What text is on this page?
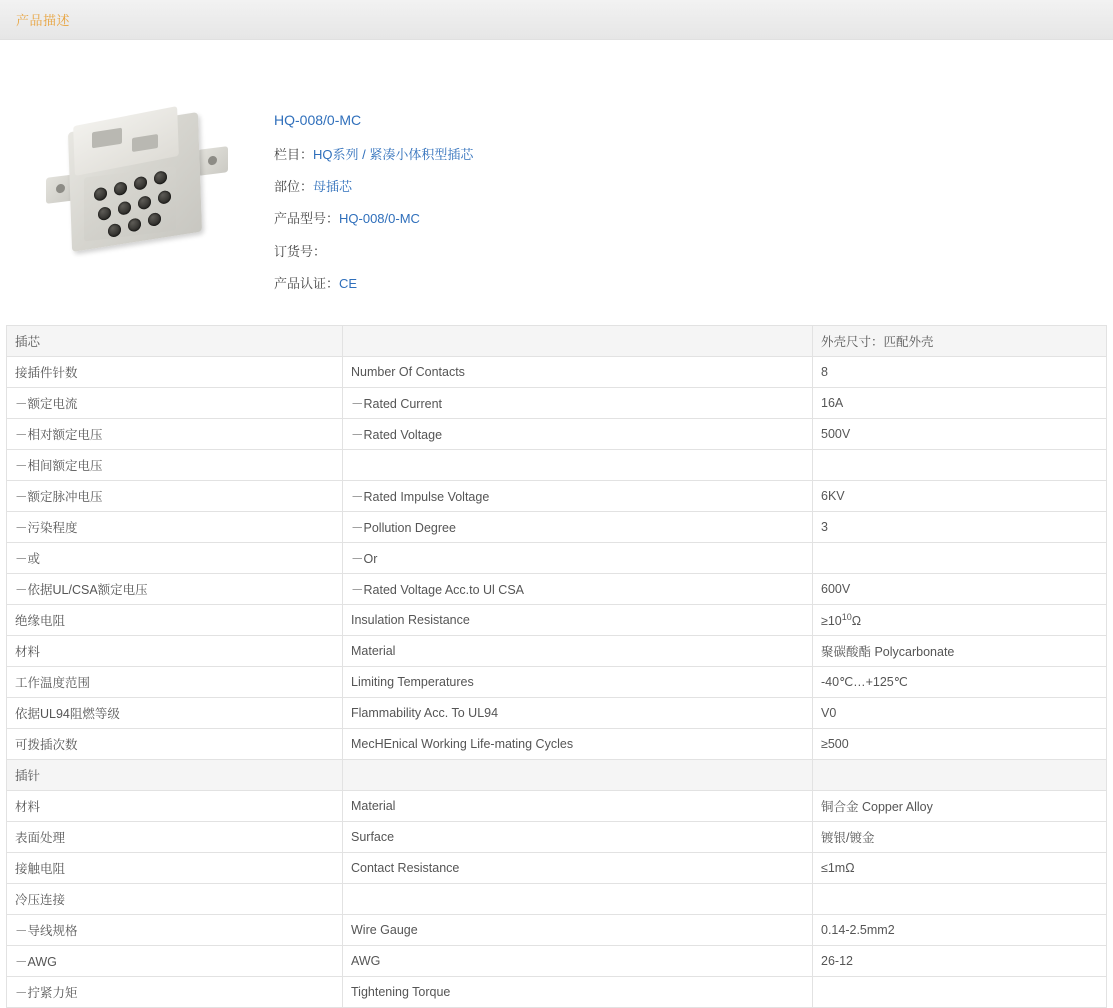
产品描述
HQ-008/0-MC
栏目：HQ系列 / 紧凑小体积型插芯
部位：母插芯
产品型号：HQ-008/0-MC
订货号：
产品认证：CE
插芯		外壳尺寸：匹配外壳
接插件针数	Number Of Contacts	8
－额定电流	－Rated Current	16A
－相对额定电压	－Rated Voltage	500V
－相间额定电压		
－额定脉冲电压	－Rated Impulse Voltage	6KV
－污染程度	－Pollution Degree	3
－或	－Or	
－依据UL/CSA额定电压	－Rated Voltage Acc.to Ul CSA	600V
绝缘电阻	Insulation Resistance	$\ge 10^{10}\Omega$
材料	Material	聚碳酸酯 Polycarbonate
工作温度范围	Limiting Temperatures	-40℃…+125℃
依据UL94阻燃等级	Flammability Acc. To UL94	V0
可拨插次数	MecHEnical Working Life-mating Cycles	≥500
插针		
材料	Material	铜合金 Copper Alloy
表面处理	Surface	镀银/镀金
接触电阻	Contact Resistance	≤1mΩ
冷压连接		
－导线规格	Wire Gauge	0.14-2.5mm2
－AWG	AWG	26-12
－拧紧力矩	Tightening Torque	
